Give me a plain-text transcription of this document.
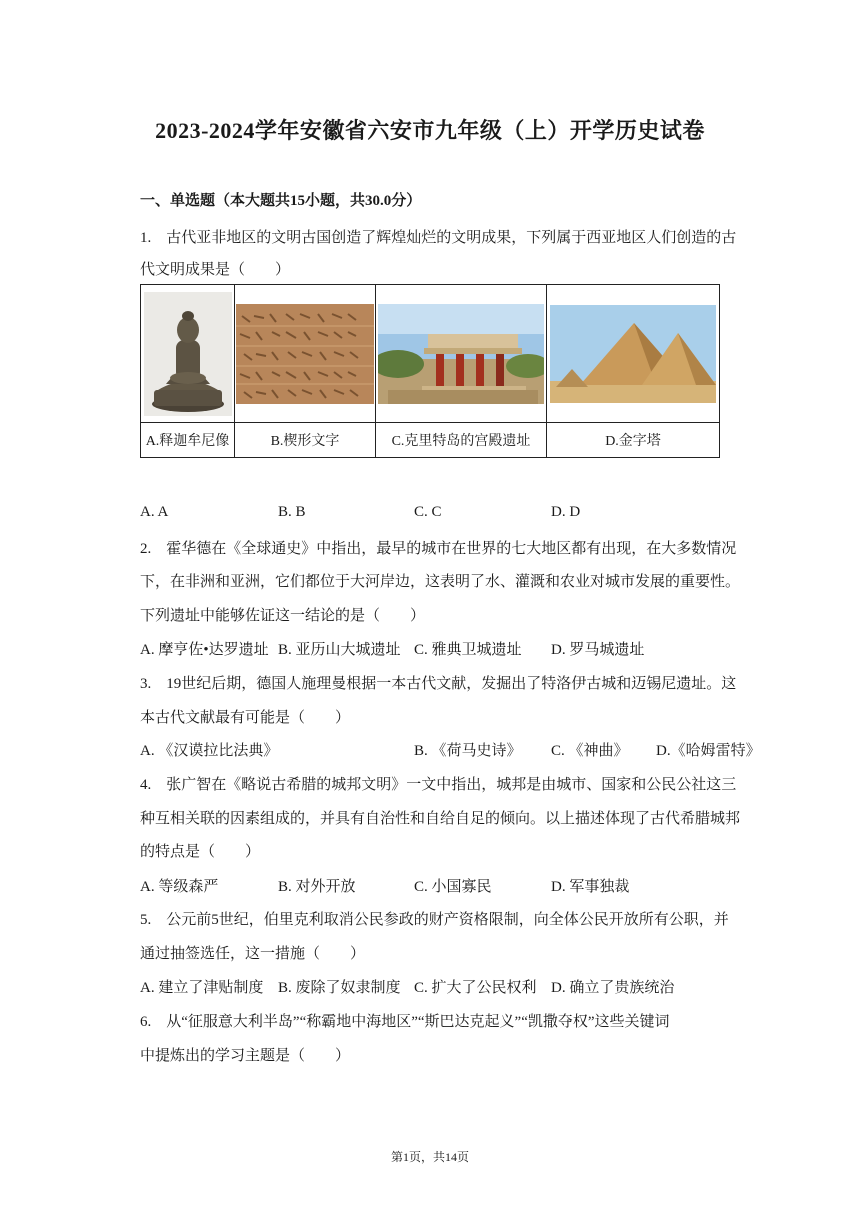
2023-2024学年安徽省六安市九年级（上）开学历史试卷
一、单选题（本大题共15小题，共30.0分）
1.　古代亚非地区的文明古国创造了辉煌灿烂的文明成果，下列属于西亚地区人们创造的古
代文明成果是（　　）

A.释迦牟尼像	B.楔形文字	C.克里特岛的宫殿遗址	D.金字塔
A. A	B. B	C. C	D. D
2.　霍华德在《全球通史》中指出，最早的城市在世界的七大地区都有出现，在大多数情况
下，在非洲和亚洲，它们都位于大河岸边，这表明了水、灌溉和农业对城市发展的重要性。
下列遗址中能够佐证这一结论的是（　　）
A. 摩亨佐•达罗遗址 B. 亚历山大城遗址 C. 雅典卫城遗址 D. 罗马城遗址
3.　19世纪后期，德国人施理曼根据一本古代文献，发掘出了特洛伊古城和迈锡尼遗址。这
本古代文献最有可能是（　　）
A. 《汉谟拉比法典》	B. 《荷马史诗》 C. 《神曲》 D.《哈姆雷特》
4.　张广智在《略说古希腊的城邦文明》一文中指出，城邦是由城市、国家和公民公社这三
种互相关联的因素组成的，并具有自治性和自给自足的倾向。以上描述体现了古代希腊城邦
的特点是（　　）
A. 等级森严	B. 对外开放	C. 小国寡民	D. 军事独裁
5.　公元前5世纪，伯里克利取消公民参政的财产资格限制，向全体公民开放所有公职，并
通过抽签选任，这一措施（　　）
A. 建立了津贴制度 B. 废除了奴隶制度 C. 扩大了公民权利 D. 确立了贵族统治
6.　从“征服意大利半岛”“称霸地中海地区”“斯巴达克起义”“凯撒夺权”这些关键词
中提炼出的学习主题是（　　）
第1页，共14页
